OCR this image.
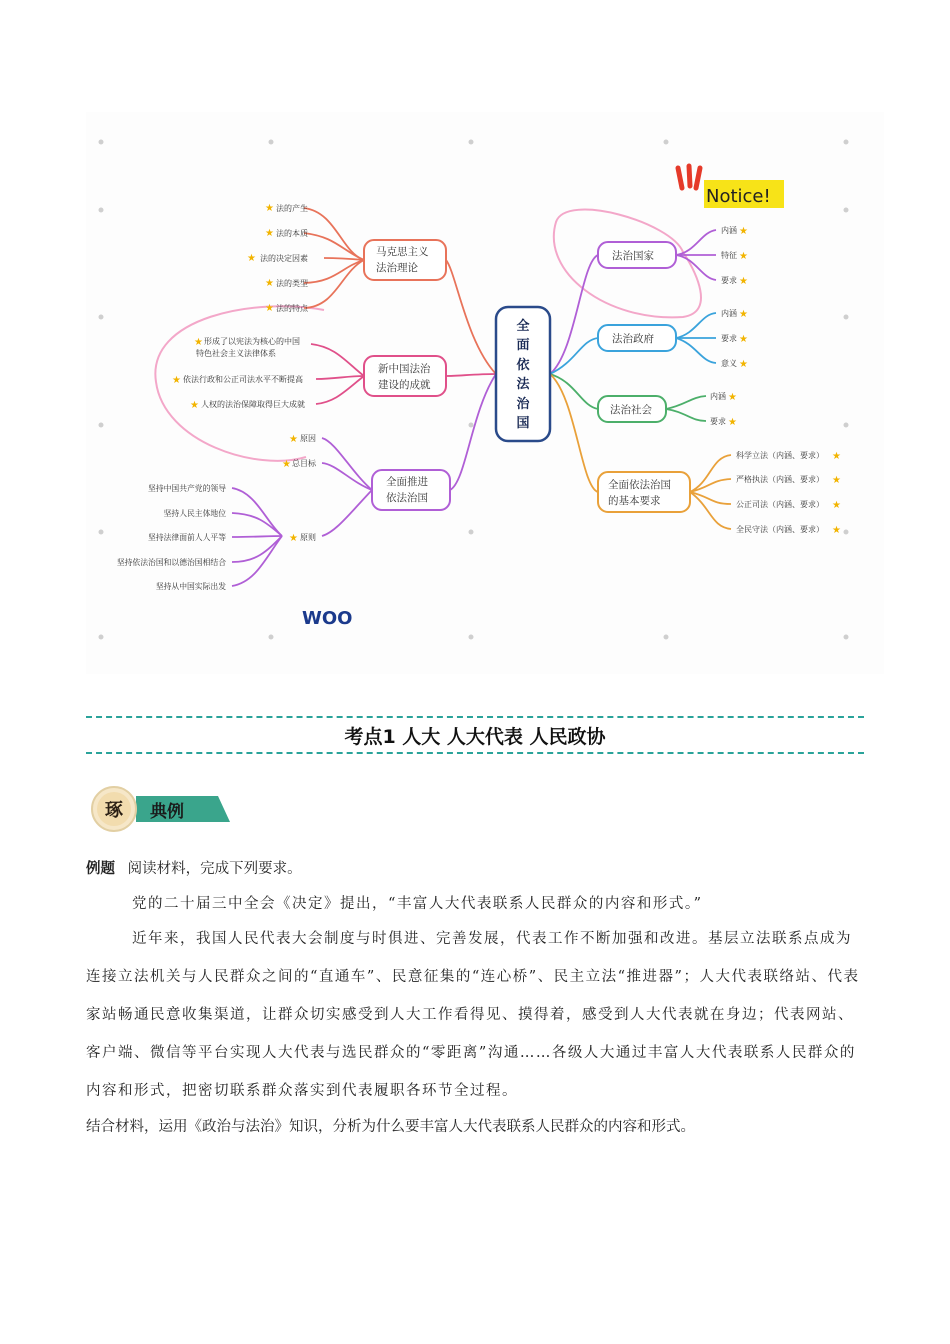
全
面
依
法
治
国
马克思主义
法治理论
新中国法治
建设的成就
全面推进
依法治国
法的产生
法的本质
法的决定因素
法的类型
法的特点
★
★
★
★
★
形成了以宪法为核心的中国
特色社会主义法律体系
依法行政和公正司法水平不断提高
人权的法治保障取得巨大成就
★
★
★
原因
总目标
原则
★
★
★
坚持中国共产党的领导
坚持人民主体地位
坚持法律面前人人平等
坚持依法治国和以德治国相结合
坚持从中国实际出发
法治国家
法治政府
法治社会
全面依法治国
的基本要求
内涵
特征
要求
内涵
要求
意义
内涵
要求
科学立法（内涵、要求）
严格执法（内涵、要求）
公正司法（内涵、要求）
全民守法（内涵、要求）
★
★
★
★
★
★
★
★
★
★
★
★
Notice!
WOO
考点1 人大 人大代表 人民政协
琢 典例
例题 阅读材料，完成下列要求。
党的二十届三中全会《决定》提出，“丰富人大代表联系人民群众的内容和形式。”
近年来，我国人民代表大会制度与时俱进、完善发展，代表工作不断加强和改进。基层立法联系点成为连接立法机关与人民群众之间的“直通车”、民意征集的“连心桥”、民主立法“推进器”；人大代表联络站、代表家站畅通民意收集渠道，让群众切实感受到人大工作看得见、摸得着，感受到人大代表就在身边；代表网站、客户端、微信等平台实现人大代表与选民群众的“零距离”沟通……各级人大通过丰富人大代表联系人民群众的内容和形式，把密切联系群众落实到代表履职各环节全过程。
结合材料，运用《政治与法治》知识，分析为什么要丰富人大代表联系人民群众的内容和形式。
